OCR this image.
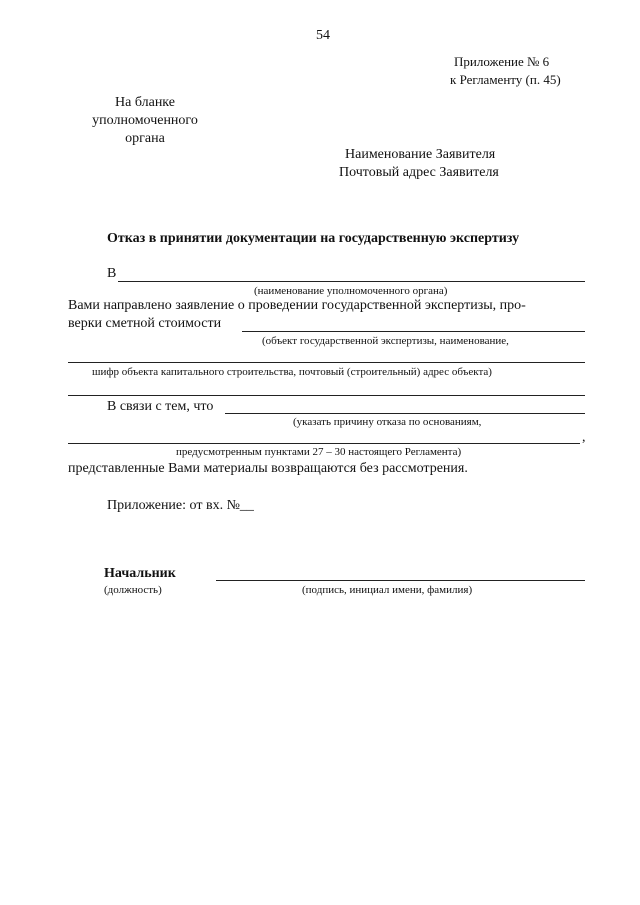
54
Приложение № 6
к Регламенту (п. 45)
На бланке
уполномоченного
органа
Наименование Заявителя
Почтовый адрес Заявителя
Отказ в принятии документации на государственную экспертизу
В
(наименование уполномоченного органа)
Вами направлено заявление о проведении государственной экспертизы, про-
верки сметной стоимости
(объект государственной экспертизы, наименование,
шифр объекта капитального строительства, почтовый (строительный) адрес объекта)
В связи с тем, что
(указать причину отказа по основаниям,
,
предусмотренным пунктами 27 – 30 настоящего Регламента)
представленные Вами материалы возвращаются без рассмотрения.
Приложение: от вх. №__
Начальник
(должность)	(подпись, инициал имени, фамилия)
